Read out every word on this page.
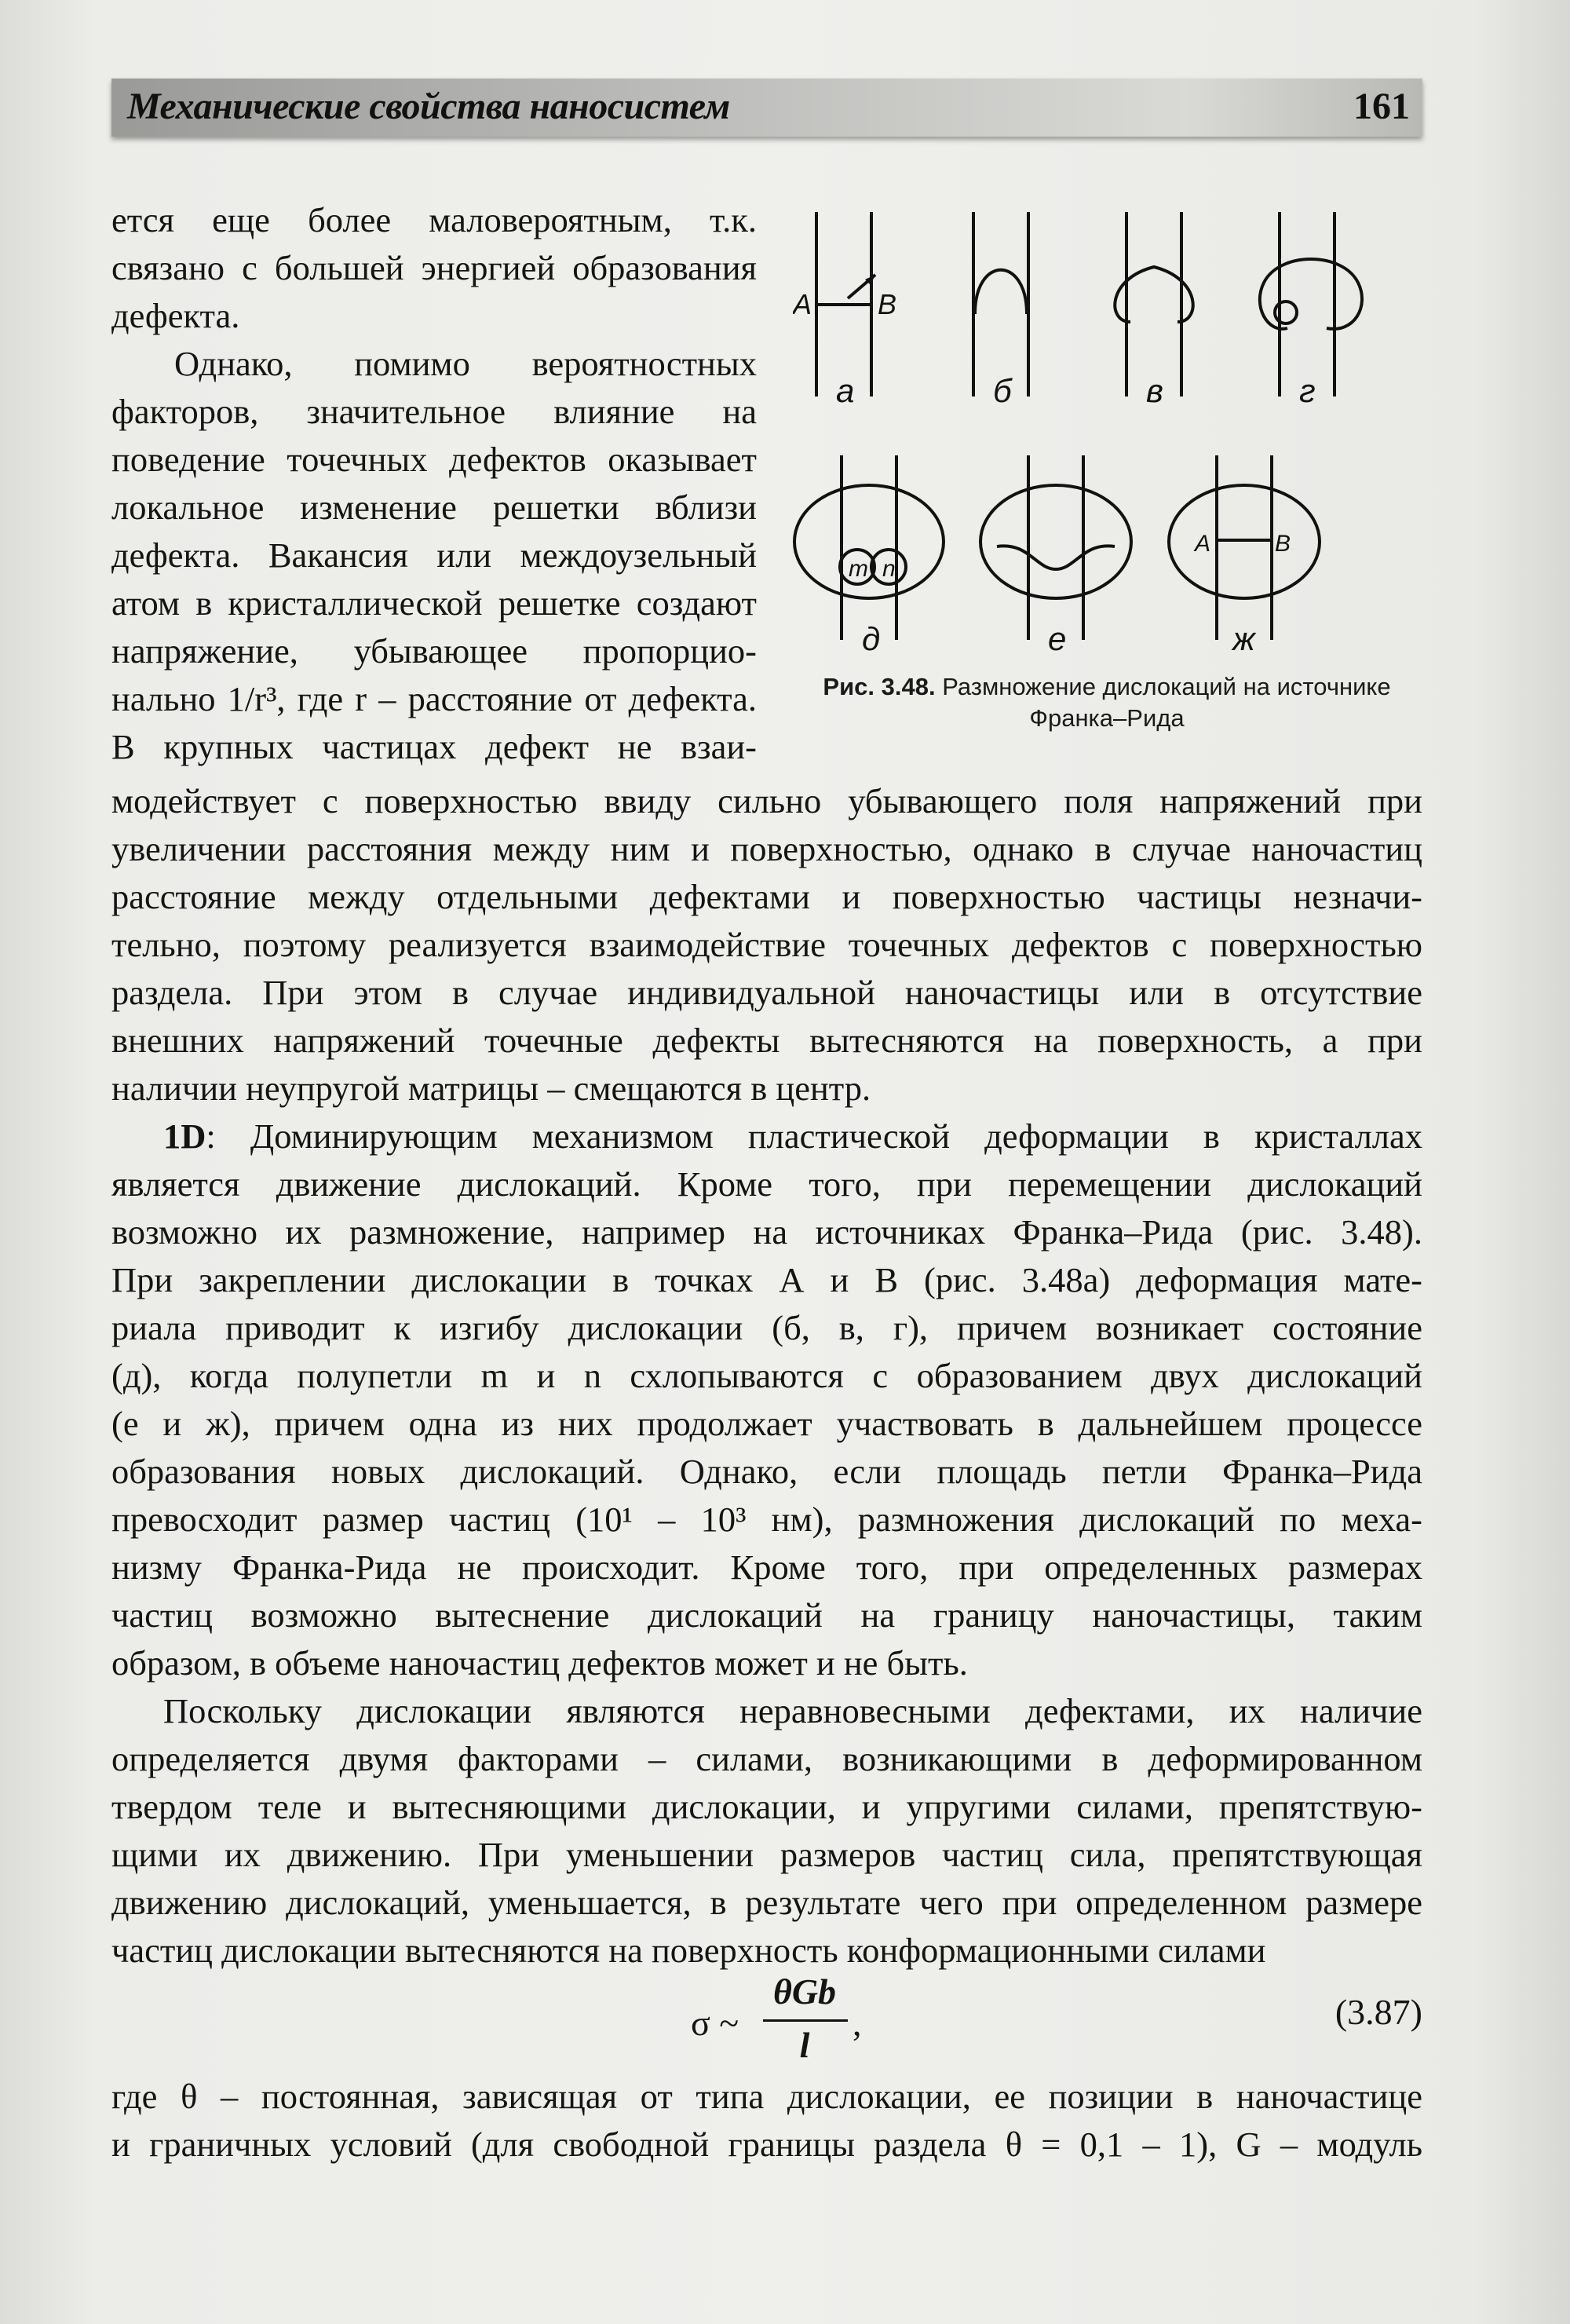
Механические свойства наносистем	161
ется еще более маловероятным, т.к.
связано с большей энергией образования
дефекта.
Однако, помимо вероятностных
факторов, значительное влияние на
поведение точечных дефектов оказывает
локальное изменение решетки вблизи
дефекта. Вакансия или междоузельный
атом в кристаллической решетке создают
напряжение, убывающее пропорцио-
нально 1/r³, где r – расстояние от дефекта.
В крупных частицах дефект не взаи-
A B
а	б	в	г
m n
д	е	ж
A	B
Рис. 3.48. Размножение дислокаций на источнике Франка–Рида
модействует с поверхностью ввиду сильно убывающего поля напряжений при
увеличении расстояния между ним и поверхностью, однако в случае наночастиц
расстояние между отдельными дефектами и поверхностью частицы незначи-
тельно, поэтому реализуется взаимодействие точечных дефектов с поверхностью
раздела. При этом в случае индивидуальной наночастицы или в отсутствие
внешних напряжений точечные дефекты вытесняются на поверхность, а при
наличии неупругой матрицы – смещаются в центр.
1D: Доминирующим механизмом пластической деформации в кристаллах
является движение дислокаций. Кроме того, при перемещении дислокаций
возможно их размножение, например на источниках Франка–Рида (рис. 3.48).
При закреплении дислокации в точках А и В (рис. 3.48а) деформация мате-
риала приводит к изгибу дислокации (б, в, г), причем возникает состояние
(д), когда полупетли m и n схлопываются с образованием двух дислокаций
(е и ж), причем одна из них продолжает участвовать в дальнейшем процессе
образования новых дислокаций. Однако, если площадь петли Франка–Рида
превосходит размер частиц (10¹ – 10³ нм), размножения дислокаций по меха-
низму Франка-Рида не происходит. Кроме того, при определенных размерах
частиц возможно вытеснение дислокаций на границу наночастицы, таким
образом, в объеме наночастиц дефектов может и не быть.
Поскольку дислокации являются неравновесными дефектами, их наличие
определяется двумя факторами – силами, возникающими в деформированном
твердом теле и вытесняющими дислокации, и упругими силами, препятствую-
щими их движению. При уменьшении размеров частиц сила, препятствующая
движению дислокаций, уменьшается, в результате чего при определенном размере
частиц дислокации вытесняются на поверхность конформационными силами
σ ~
θGb
l
,	(3.87)
где θ – постоянная, зависящая от типа дислокации, ее позиции в наночастице
и граничных условий (для свободной границы раздела θ = 0,1 – 1), G – модуль
